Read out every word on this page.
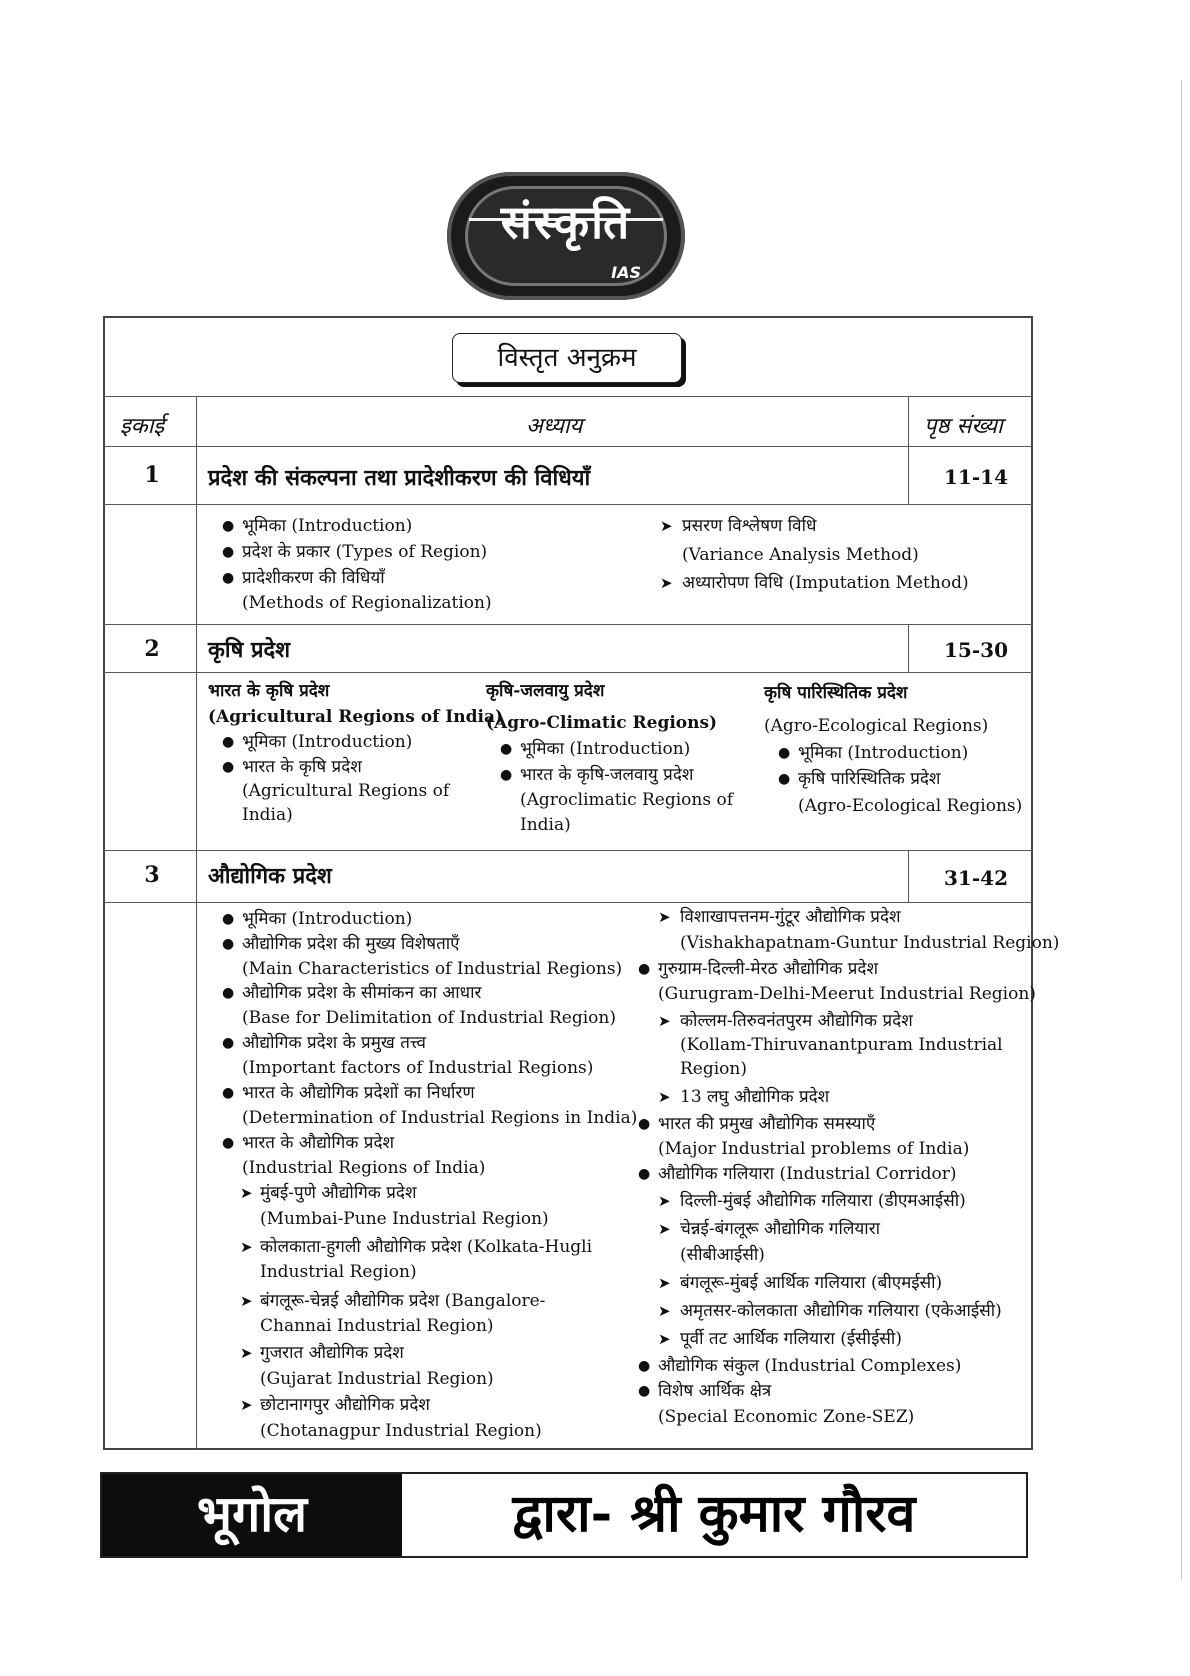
संस्कृति
IAS
विस्तृत अनुक्रम
इकाई	अध्याय	पृष्ठ संख्या
1	प्रदेश की संकल्पना तथा प्रादेशीकरण की विधियाँ	11-14
● भूमिका (Introduction)
● प्रदेश के प्रकार (Types of Region)
● प्रादेशीकरण की विधियाँ
(Methods of Regionalization)
➤ प्रसरण विश्लेषण विधि
(Variance Analysis Method)
➤ अध्यारोपण विधि (Imputation Method)
2	कृषि प्रदेश	15-30
भारत के कृषि प्रदेश
(Agricultural Regions of India)
● भूमिका (Introduction)
● भारत के कृषि प्रदेश
(Agricultural Regions of
India)
कृषि-जलवायु प्रदेश
(Agro-Climatic Regions)
● भूमिका (Introduction)
● भारत के कृषि-जलवायु प्रदेश
(Agroclimatic Regions of
India)
कृषि पारिस्थितिक प्रदेश
(Agro-Ecological Regions)
● भूमिका (Introduction)
● कृषि पारिस्थितिक प्रदेश
(Agro-Ecological Regions)
3	औद्योगिक प्रदेश	31-42
● भूमिका (Introduction)
● औद्योगिक प्रदेश की मुख्य विशेषताएँ
(Main Characteristics of Industrial Regions)
● औद्योगिक प्रदेश के सीमांकन का आधार
(Base for Delimitation of Industrial Region)
● औद्योगिक प्रदेश के प्रमुख तत्त्व
(Important factors of Industrial Regions)
● भारत के औद्योगिक प्रदेशों का निर्धारण
(Determination of Industrial Regions in India)
● भारत के औद्योगिक प्रदेश
(Industrial Regions of India)
➤ मुंबई-पुणे औद्योगिक प्रदेश
(Mumbai-Pune Industrial Region)
➤ कोलकाता-हुगली औद्योगिक प्रदेश (Kolkata-Hugli
Industrial Region)
➤ बंगलूरू-चेन्नई औद्योगिक प्रदेश (Bangalore-
Channai Industrial Region)
➤ गुजरात औद्योगिक प्रदेश
(Gujarat Industrial Region)
➤ छोटानागपुर औद्योगिक प्रदेश
(Chotanagpur Industrial Region)
➤ विशाखापत्तनम-गुंटूर औद्योगिक प्रदेश
(Vishakhapatnam-Guntur Industrial Region)
● गुरुग्राम-दिल्ली-मेरठ औद्योगिक प्रदेश
(Gurugram-Delhi-Meerut Industrial Region)
➤ कोल्लम-तिरुवनंतपुरम औद्योगिक प्रदेश
(Kollam-Thiruvanantpuram Industrial
Region)
➤ 13 लघु औद्योगिक प्रदेश
● भारत की प्रमुख औद्योगिक समस्याएँ
(Major Industrial problems of India)
● औद्योगिक गलियारा (Industrial Corridor)
➤ दिल्ली-मुंबई औद्योगिक गलियारा (डीएमआईसी)
➤ चेन्नई-बंगलूरू औद्योगिक गलियारा
(सीबीआईसी)
➤ बंगलूरू-मुंबई आर्थिक गलियारा (बीएमईसी)
➤ अमृतसर-कोलकाता औद्योगिक गलियारा (एकेआईसी)
➤ पूर्वी तट आर्थिक गलियारा (ईसीईसी)
● औद्योगिक संकुल (Industrial Complexes)
● विशेष आर्थिक क्षेत्र
(Special Economic Zone-SEZ)
भूगोल	द्वारा- श्री कुमार गौरव
